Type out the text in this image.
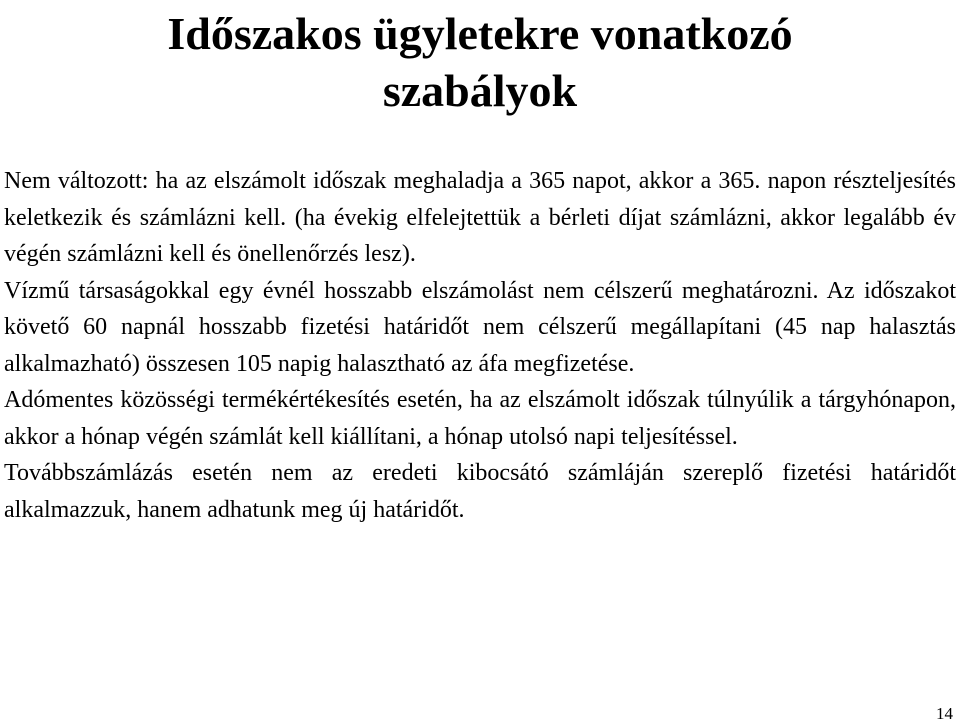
Időszakos ügyletekre vonatkozó
szabályok

Nem változott: ha az elszámolt időszak meghaladja a 365 napot, akkor a 365. napon részteljesítés keletkezik és számlázni kell. (ha évekig elfelejtettük a bérleti díjat számlázni, akkor legalább év végén számlázni kell és önellenőrzés lesz).

Vízmű társaságokkal egy évnél hosszabb elszámolást nem célszerű meghatározni. Az időszakot követő 60 napnál hosszabb fizetési határidőt nem célszerű megállapítani (45 nap halasztás alkalmazható) összesen 105 napig halasztható az áfa megfizetése.

Adómentes közösségi termékértékesítés esetén, ha az elszámolt időszak túlnyúlik a tárgyhónapon, akkor a hónap végén számlát kell kiállítani, a hónap utolsó napi teljesítéssel.

Továbbszámlázás esetén nem az eredeti kibocsátó számláján szereplő fizetési határidőt alkalmazzuk, hanem adhatunk meg új határidőt.

14
